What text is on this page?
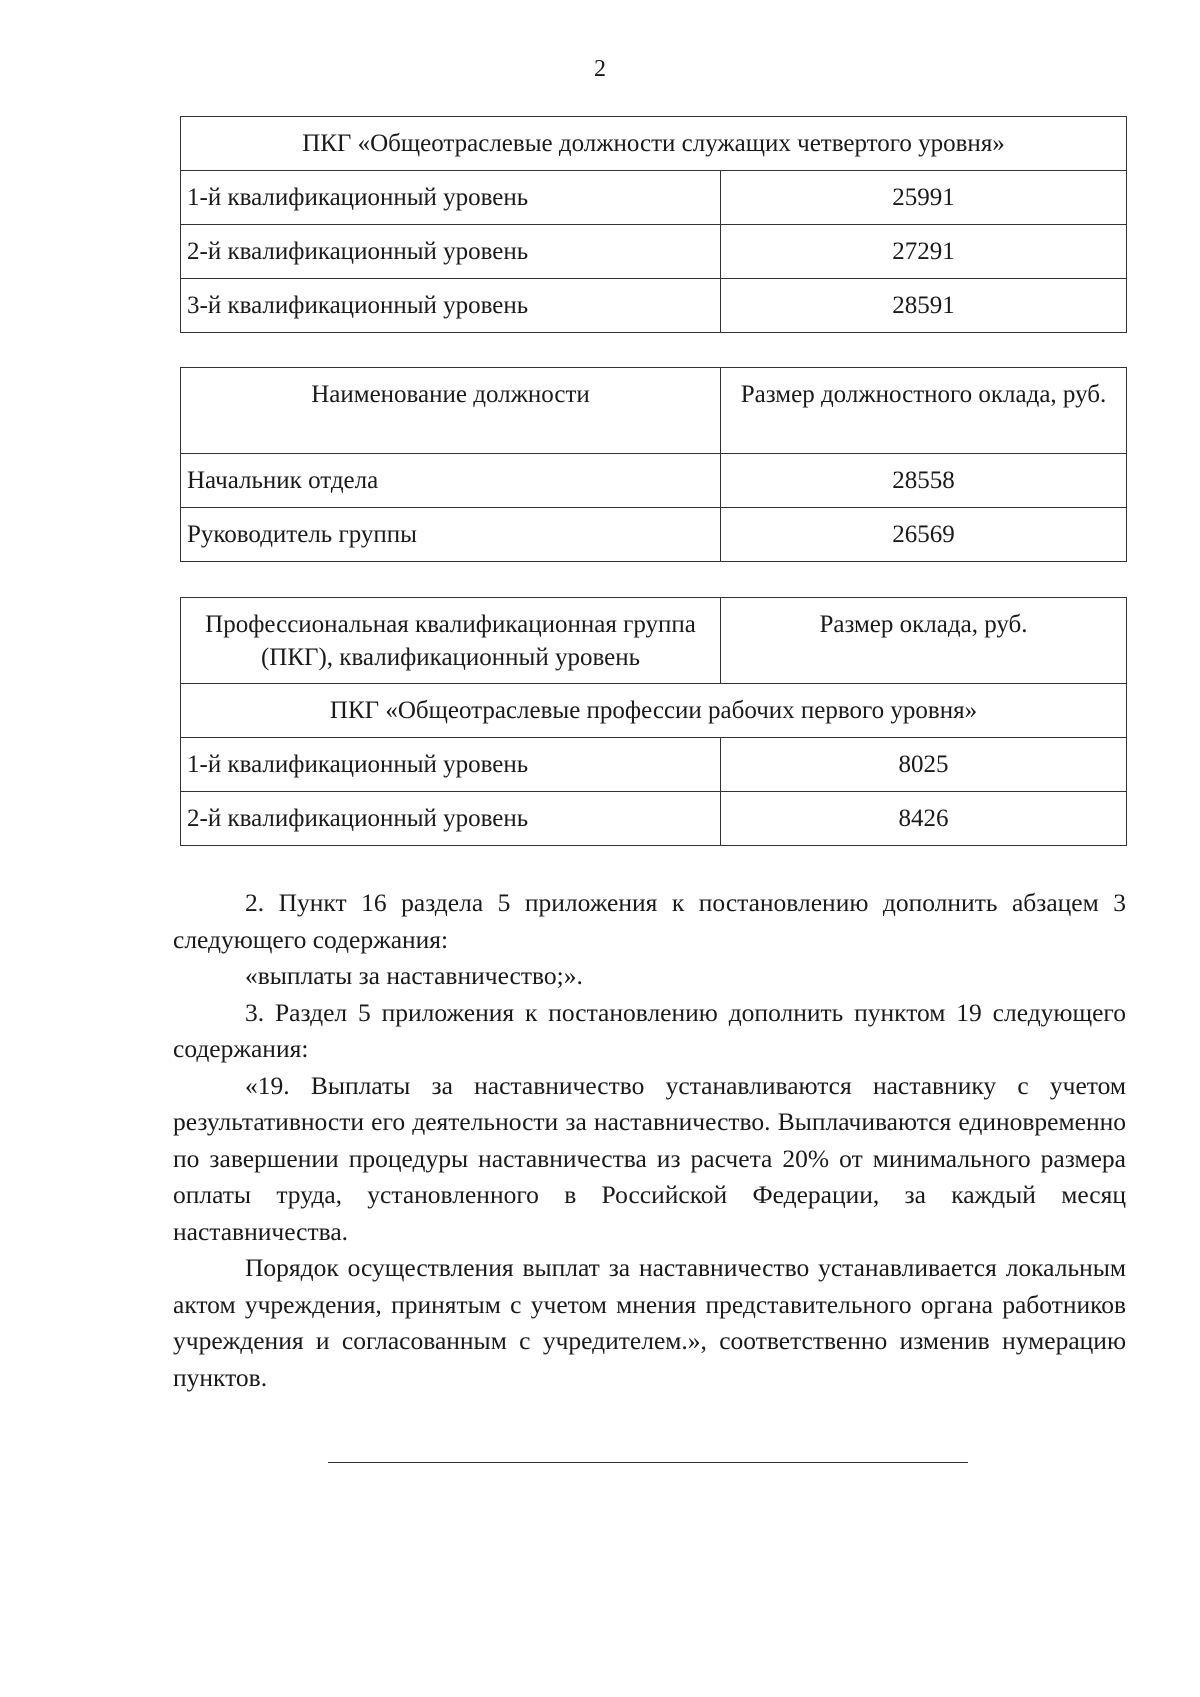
2
ПКГ «Общеотраслевые должности служащих четвертого уровня»	
1-й квалификационный уровень	25991
2-й квалификационный уровень	27291
3-й квалификационный уровень	28591
Наименование должности	Размер должностного оклада, руб.
Начальник отдела	28558
Руководитель группы	26569
Профессиональная квалификационная группа (ПКГ), квалификационный уровень	Размер оклада, руб.
ПКГ «Общеотраслевые профессии рабочих первого уровня»	
1-й квалификационный уровень	8025
2-й квалификационный уровень	8426

2. Пункт 16 раздела 5 приложения к постановлению дополнить абзацем 3 следующего содержания:

«выплаты за наставничество;».

3. Раздел 5 приложения к постановлению дополнить пунктом 19 следующего содержания:

«19. Выплаты за наставничество устанавливаются наставнику с учетом результативности его деятельности за наставничество. Выплачиваются единовременно по завершении процедуры наставничества из расчета 20% от минимального размера оплаты труда, установленного в Российской Федерации, за каждый месяц наставничества.

Порядок осуществления выплат за наставничество устанавливается локальным актом учреждения, принятым с учетом мнения представительного органа работников учреждения и согласованным с учредителем.», соответственно изменив нумерацию пунктов.
